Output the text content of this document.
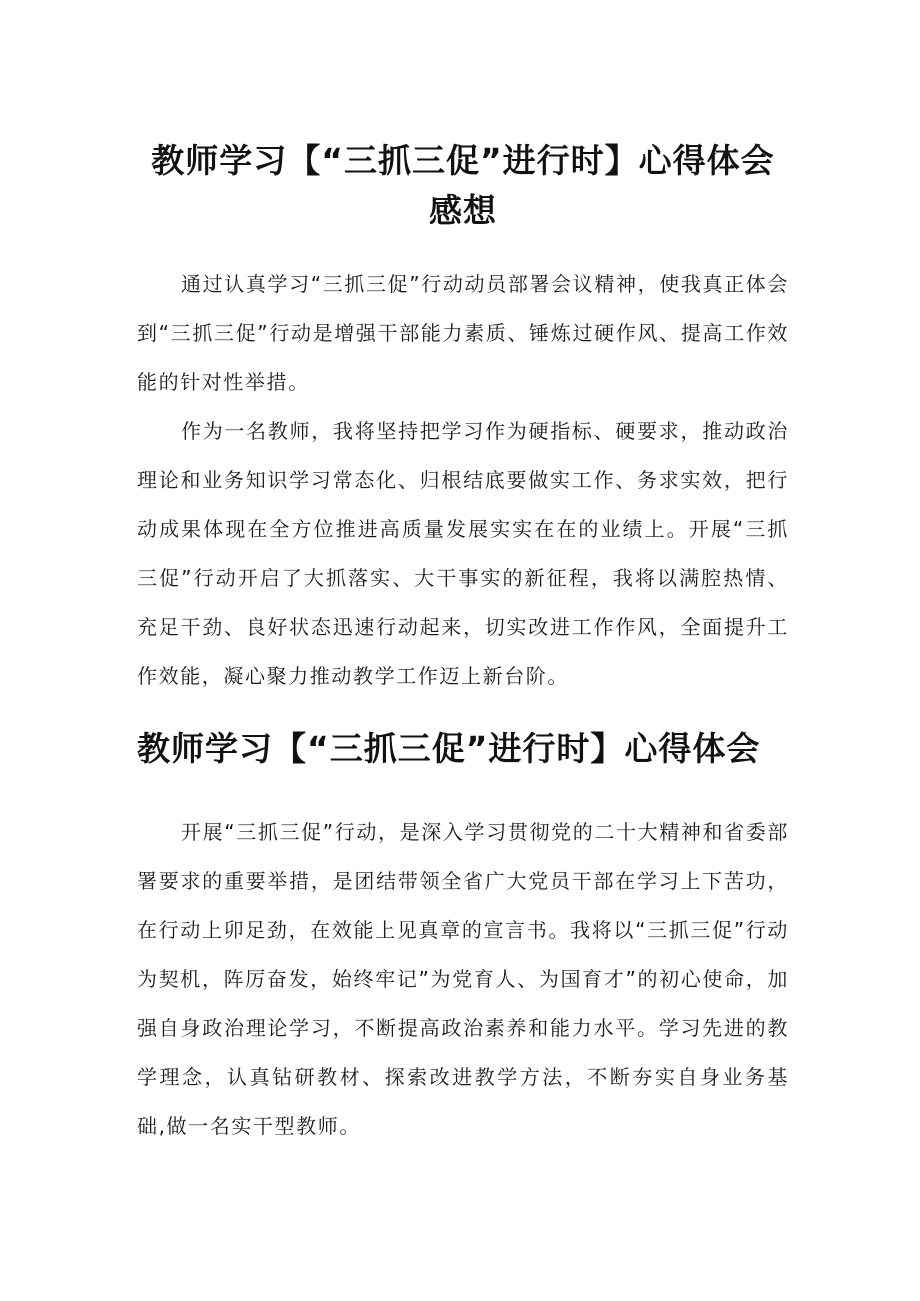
教师学习【“三抓三促”进行时】心得体会感想

通过认真学习“三抓三促”行动动员部署会议精神，使我真正体会到“三抓三促”行动是增强干部能力素质、锤炼过硬作风、提高工作效能的针对性举措。

作为一名教师，我将坚持把学习作为硬指标、硬要求，推动政治理论和业务知识学习常态化、归根结底要做实工作、务求实效，把行动成果体现在全方位推进高质量发展实实在在的业绩上。开展“三抓三促”行动开启了大抓落实、大干事实的新征程，我将以满腔热情、充足干劲、良好状态迅速行动起来，切实改进工作作风，全面提升工作效能，凝心聚力推动教学工作迈上新台阶。

教师学习【“三抓三促”进行时】心得体会

开展“三抓三促”行动，是深入学习贯彻党的二十大精神和省委部署要求的重要举措，是团结带领全省广大党员干部在学习上下苦功，在行动上卯足劲，在效能上见真章的宣言书。我将以“三抓三促”行动为契机，阵厉奋发，始终牢记”为党育人、为国育才”的初心使命，加强自身政治理论学习，不断提高政治素养和能力水平。学习先进的教学理念，认真钻研教材、探索改进教学方法，不断夯实自身业务基础,做一名实干型教师。
